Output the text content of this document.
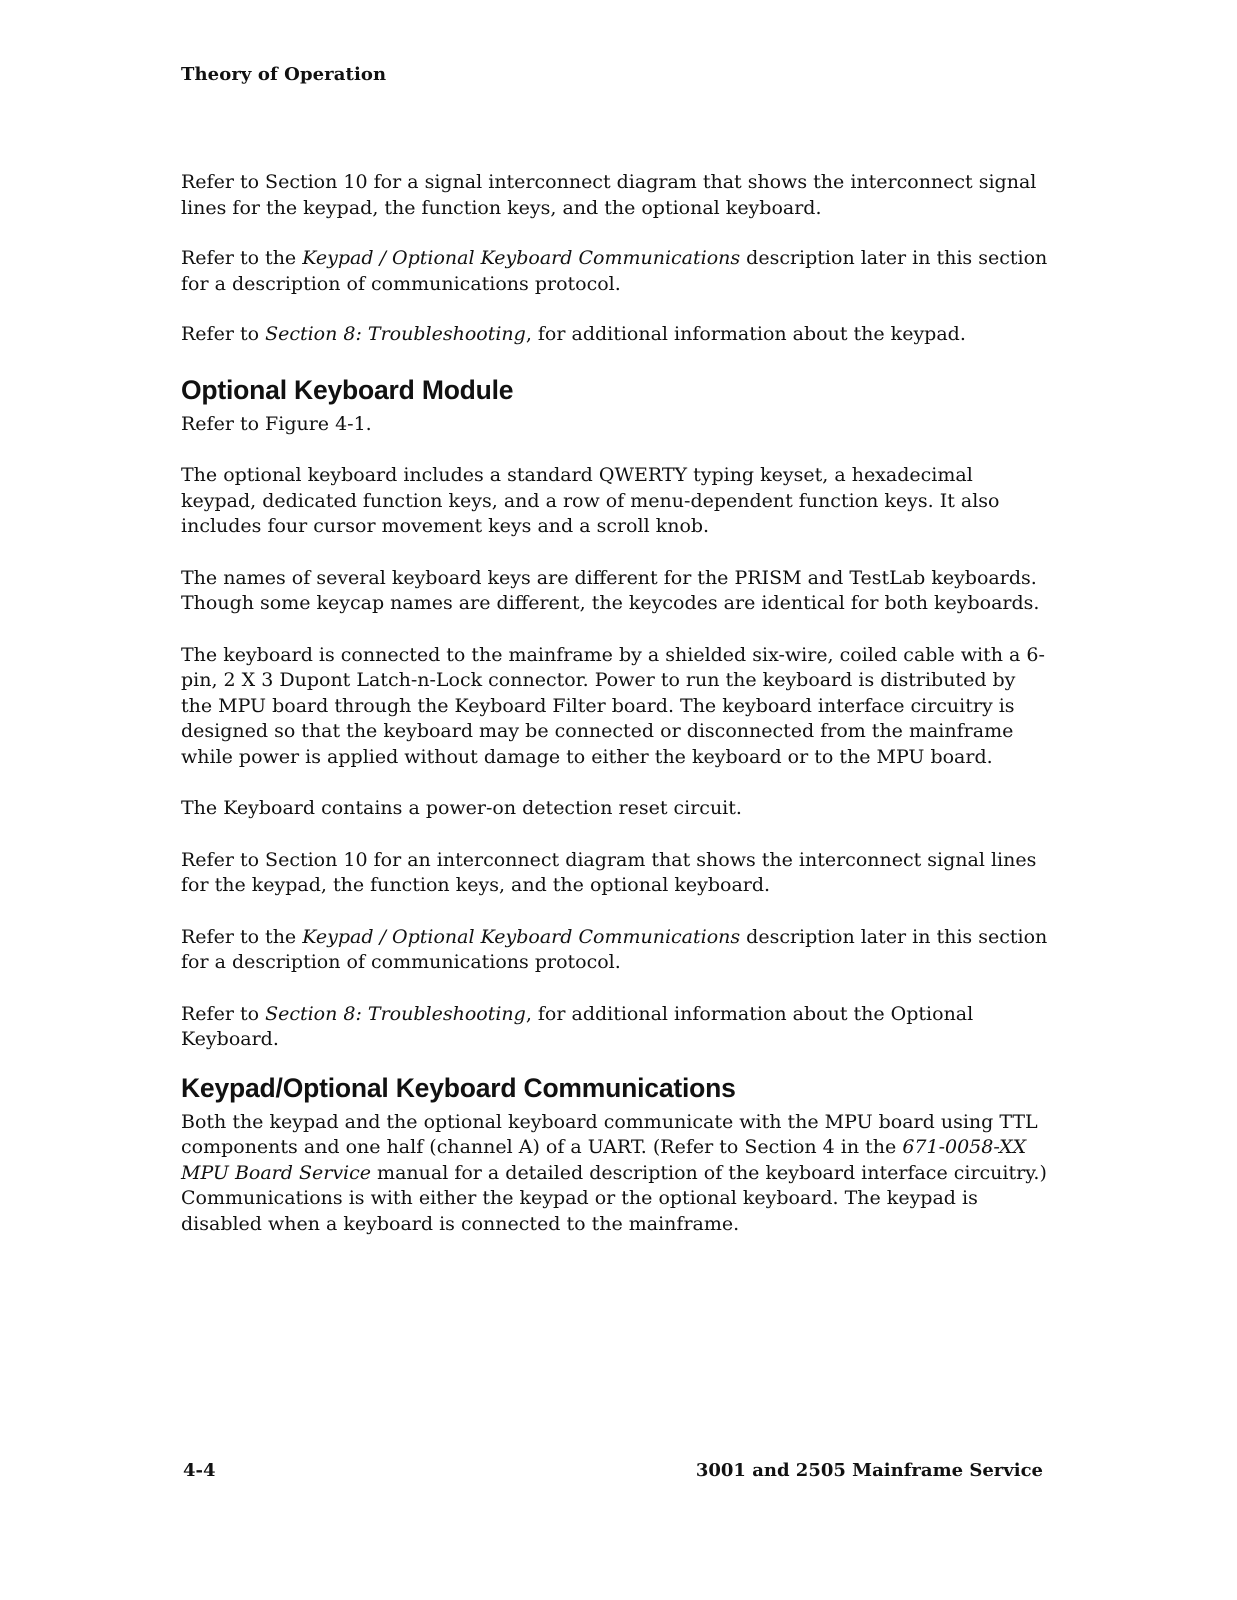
Theory of Operation

Refer to Section 10 for a signal interconnect diagram that shows the interconnect signal lines for the keypad, the function keys, and the optional keyboard.

Refer to the Keypad / Optional Keyboard Communications description later in this section for a description of communications protocol.

Refer to Section 8: Troubleshooting, for additional information about the keypad.

Optional Keyboard Module

Refer to Figure 4-1.

The optional keyboard includes a standard QWERTY typing keyset, a hexadecimal keypad, dedicated function keys, and a row of menu-dependent function keys. It also includes four cursor movement keys and a scroll knob.

The names of several keyboard keys are different for the PRISM and TestLab keyboards. Though some keycap names are different, the keycodes are identical for both keyboards.

The keyboard is connected to the mainframe by a shielded six-wire, coiled cable with a 6-pin, 2 X 3 Dupont Latch-n-Lock connector. Power to run the keyboard is distributed by the MPU board through the Keyboard Filter board. The keyboard interface circuitry is designed so that the keyboard may be connected or disconnected from the mainframe while power is applied without damage to either the keyboard or to the MPU board.

The Keyboard contains a power-on detection reset circuit.

Refer to Section 10 for an interconnect diagram that shows the interconnect signal lines for the keypad, the function keys, and the optional keyboard.

Refer to the Keypad / Optional Keyboard Communications description later in this section for a description of communications protocol.

Refer to Section 8: Troubleshooting, for additional information about the Optional Keyboard.

Keypad/Optional Keyboard Communications

Both the keypad and the optional keyboard communicate with the MPU board using TTL components and one half (channel A) of a UART. (Refer to Section 4 in the 671-0058-XX MPU Board Service manual for a detailed description of the keyboard interface circuitry.) Communications is with either the keypad or the optional keyboard. The keypad is disabled when a keyboard is connected to the mainframe.

4-4	3001 and 2505 Mainframe Service
